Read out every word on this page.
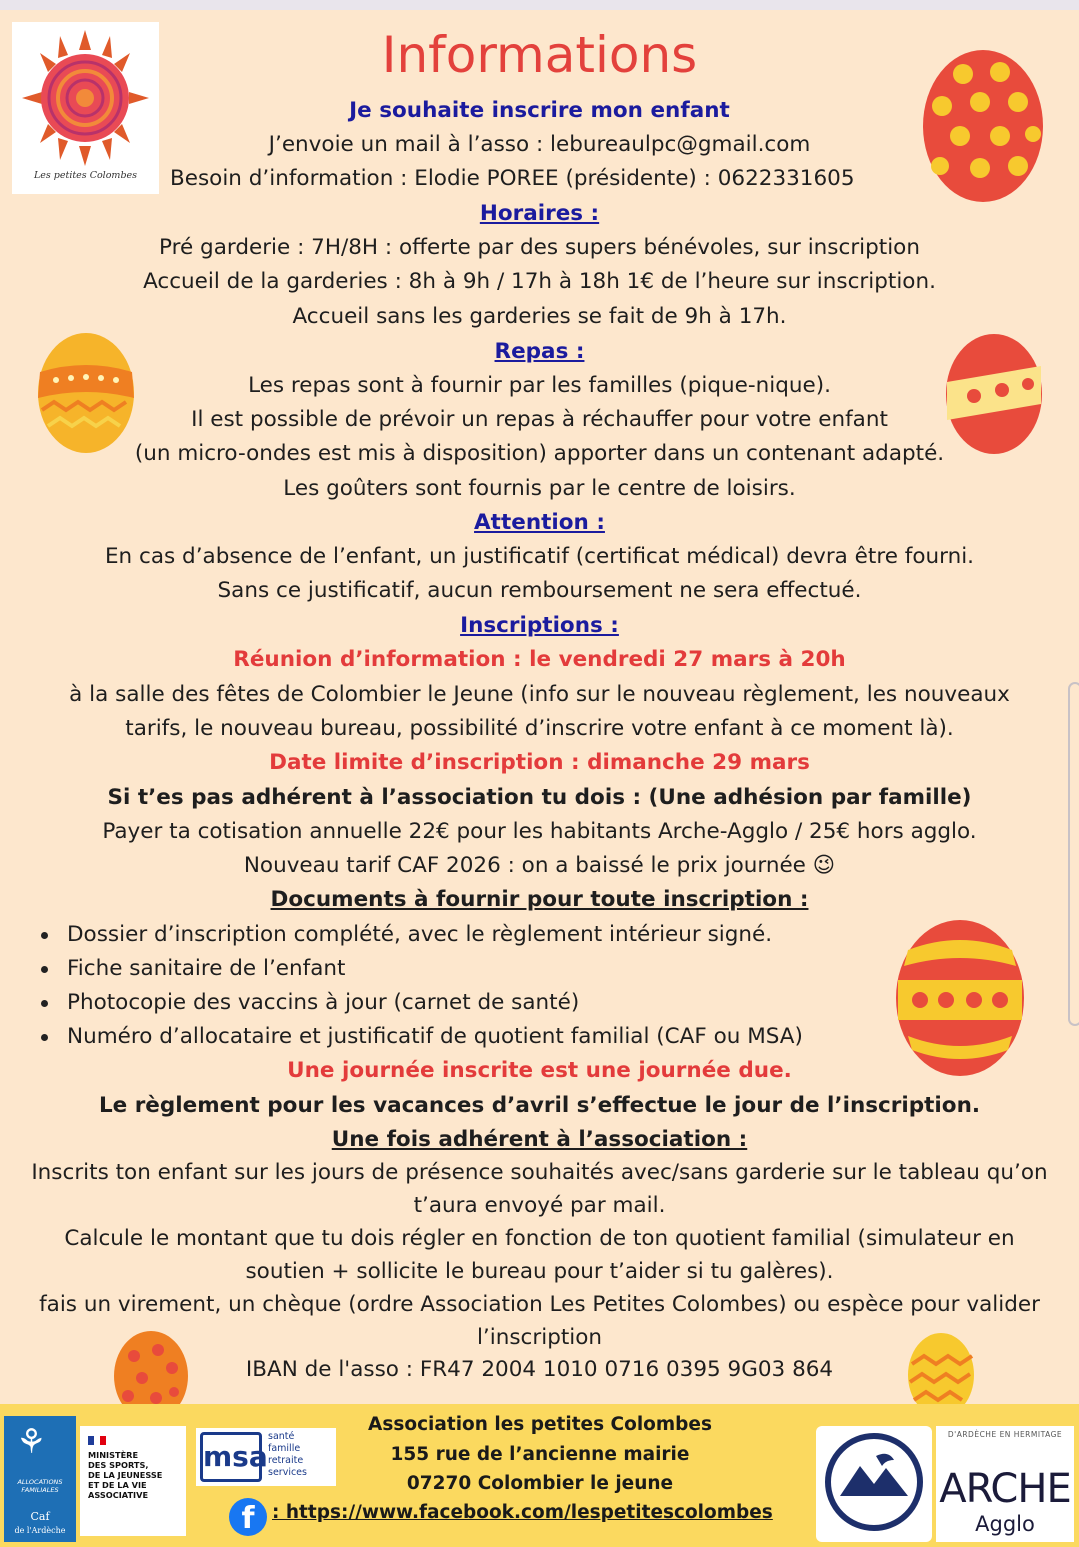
Les petites Colombes
Informations
Je souhaite inscrire mon enfant
J’envoie un mail à l’asso : lebureaulpc@gmail.com
Besoin d’information : Elodie POREE (présidente) : 0622331605
Horaires :
Pré garderie : 7H/8H : offerte par des supers bénévoles, sur inscription
Accueil de la garderies : 8h à 9h / 17h à 18h 1€ de l’heure sur inscription.
Accueil sans les garderies se fait de 9h à 17h.
Repas :
Les repas sont à fournir par les familles (pique-nique).
Il est possible de prévoir un repas à réchauffer pour votre enfant
(un micro-ondes est mis à disposition) apporter dans un contenant adapté.
Les goûters sont fournis par le centre de loisirs.
Attention :
En cas d’absence de l’enfant, un justificatif (certificat médical) devra être fourni.
Sans ce justificatif, aucun remboursement ne sera effectué.
Inscriptions :
Réunion d’information : le vendredi 27 mars à 20h
à la salle des fêtes de Colombier le Jeune (info sur le nouveau règlement, les nouveaux
tarifs, le nouveau bureau, possibilité d’inscrire votre enfant à ce moment là).
Date limite d’inscription : dimanche 29 mars
Si t’es pas adhérent à l’association tu dois : (Une adhésion par famille)
Payer ta cotisation annuelle 22€ pour les habitants Arche-Agglo / 25€ hors agglo.
Nouveau tarif CAF 2026 : on a baissé le prix journée 😉
Documents à fournir pour toute inscription :
Dossier d’inscription complété, avec le règlement intérieur signé.
Fiche sanitaire de l’enfant
Photocopie des vaccins à jour (carnet de santé)
Numéro d’allocataire et justificatif de quotient familial (CAF ou MSA)
Une journée inscrite est une journée due.
Le règlement pour les vacances d’avril s’effectue le jour de l’inscription.
Une fois adhérent à l’association :
Inscrits ton enfant sur les jours de présence souhaités avec/sans garderie sur le tableau qu’on
t’aura envoyé par mail.
Calcule le montant que tu dois régler en fonction de ton quotient familial (simulateur en
soutien + sollicite le bureau pour t’aider si tu galères).
fais un virement, un chèque (ordre Association Les Petites Colombes) ou espèce pour valider
l’inscription
IBAN de l'asso : FR47 2004 1010 0716 0395 9G03 864
⚘
ALLOCATIONS FAMILIALES
Caf
de l'Ardèche
MINISTÈRE
DES SPORTS,
DE LA JEUNESSE
ET DE LA VIE
ASSOCIATIVE
msa
santé
famille
retraite
services
f
Association les petites Colombes
155 rue de l’ancienne mairie
07270 Colombier le jeune
: https://www.facebook.com/lespetitescolombes
D'ARDÈCHE EN HERMITAGE
ARCHE
Agglo
